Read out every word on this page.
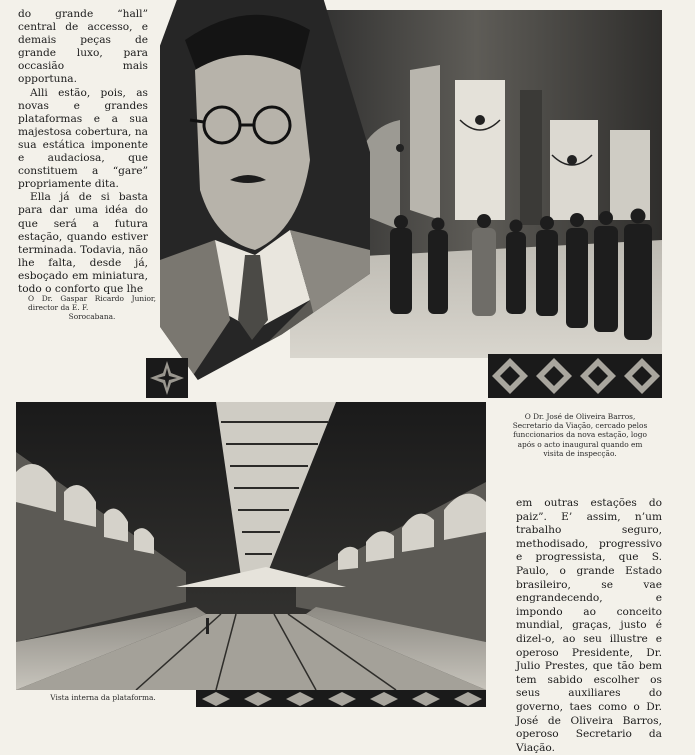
do grande “hall” central de accesso, e demais peças de grande luxo, para occasião mais opportuna.

Alli estão, pois, as novas e grandes plataformas e a sua majestosa cobertura, na sua estática imponente e audaciosa, que constituem a “gare” propriamente dita.

Ella já de si basta para dar uma idéa do que será a futura estação, quando estiver terminada. Todavia, não lhe falta, desde já, esboçado em miniatura, todo o conforto que lhe

O Dr. Gaspar Ricardo Junior, director da E. F.

Sorocabana.
O Dr. José de Oliveira Barros, Secretario da Viação, cercado pelos funccionarios da nova estação, logo após o acto inaugural quando em visita de inspecção.
Vista interna da plataforma.

em outras estações do paiz”. E’ assim, n’um trabalho seguro, methodisado, progressivo e progressista, que S. Paulo, o grande Estado brasileiro, se vae engrandecendo, e impondo ao conceito mundial, graças, justo é dizel-o, ao seu illustre e operoso Presidente, Dr. Julio Prestes, que tão bem tem sabido escolher os seus auxiliares do governo, taes como o Dr. José de Oliveira Barros, operoso Secretario da Viação.
